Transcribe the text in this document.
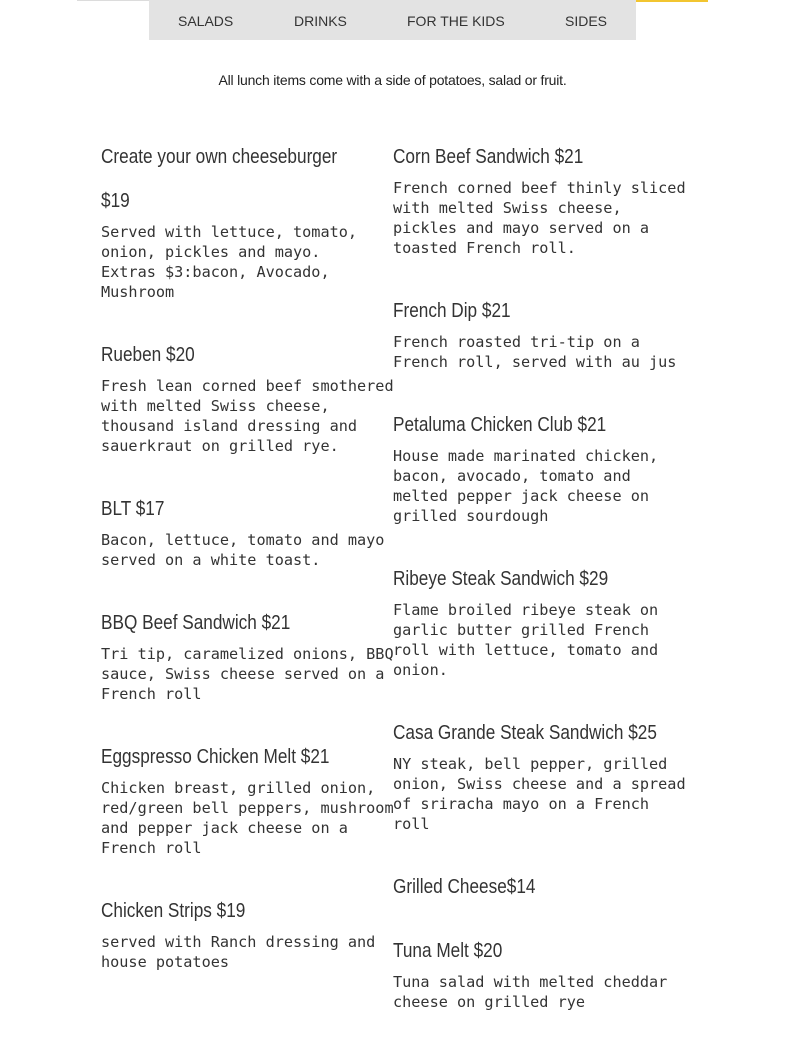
SALADS	DRINKS	FOR THE KIDS	SIDES
All lunch items come with a side of potatoes, salad or fruit.
Create your own cheeseburger
$19

Served with lettuce, tomato,
onion, pickles and mayo.
Extras $3:bacon, Avocado,
Mushroom

Rueben $20

Fresh lean corned beef smothered
with melted Swiss cheese,
thousand island dressing and
sauerkraut on grilled rye.

BLT $17

Bacon, lettuce, tomato and mayo
served on a white toast.

BBQ Beef Sandwich $21

Tri tip, caramelized onions, BBQ
sauce, Swiss cheese served on a
French roll

Eggspresso Chicken Melt $21

Chicken breast, grilled onion,
red/green bell peppers, mushroom
and pepper jack cheese on a
French roll

Chicken Strips $19

served with Ranch dressing and
house potatoes

Corn Beef Sandwich $21

French corned beef thinly sliced
with melted Swiss cheese,
pickles and mayo served on a
toasted French roll.

French Dip $21

French roasted tri-tip on a
French roll, served with au jus

Petaluma Chicken Club $21

House made marinated chicken,
bacon, avocado, tomato and
melted pepper jack cheese on
grilled sourdough

Ribeye Steak Sandwich $29

Flame broiled ribeye steak on
garlic butter grilled French
roll with lettuce, tomato and
onion.

Casa Grande Steak Sandwich $25

NY steak, bell pepper, grilled
onion, Swiss cheese and a spread
of sriracha mayo on a French
roll

Grilled Cheese$14
Tuna Melt $20

Tuna salad with melted cheddar
cheese on grilled rye
